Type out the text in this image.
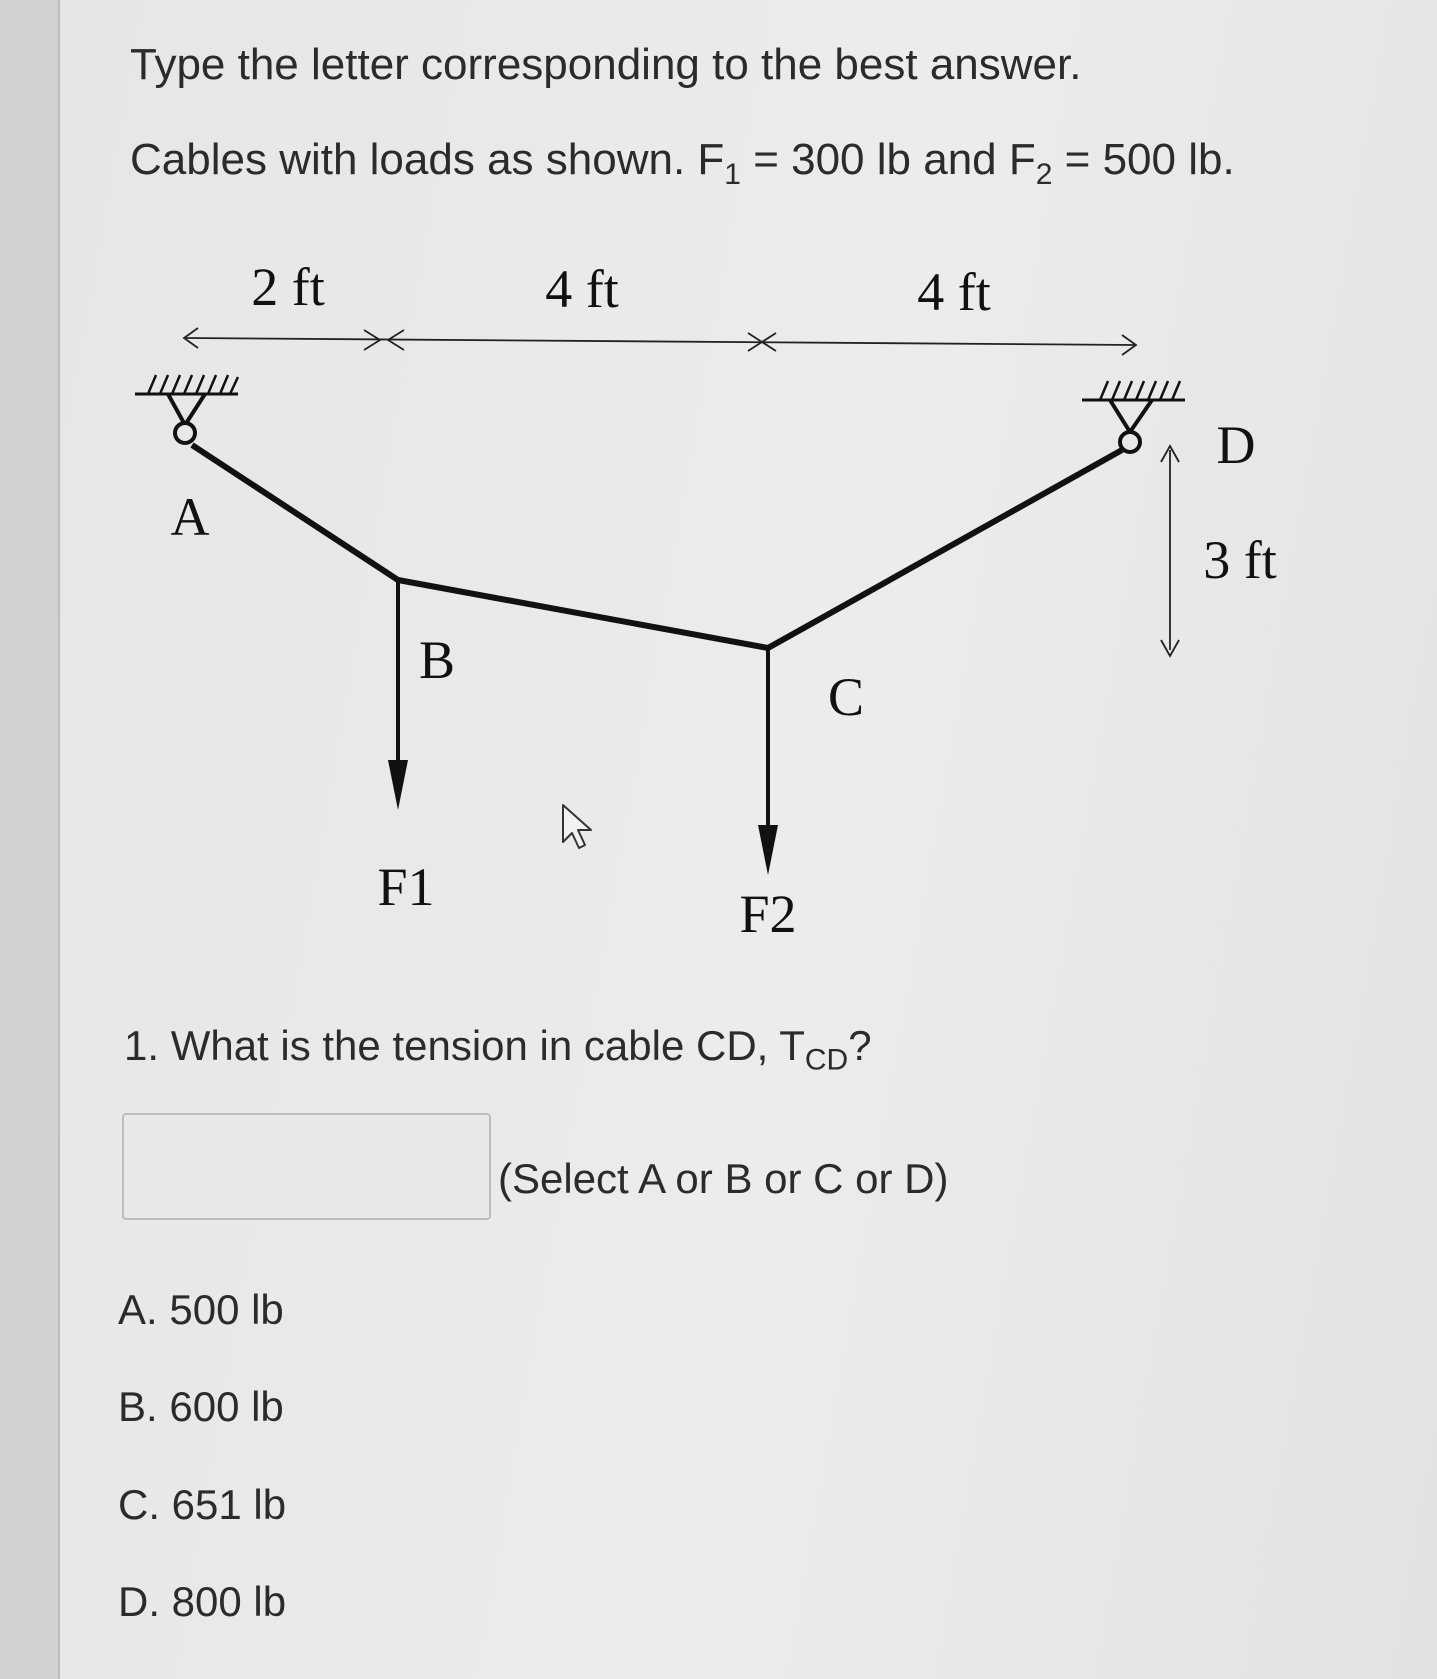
Type the letter corresponding to the best answer.
Cables with loads as shown. $F_1 = 300$ lb and $F_2 = 500$ lb.
2 ft	4 ft	4 ft
3 ft
A
B
C
D
F1	F2
1. What is the tension in cable CD, $T_{CD}$?
(Select A or B or C or D)
A. 500 lb
B. 600 lb
C. 651 lb
D. 800 lb
